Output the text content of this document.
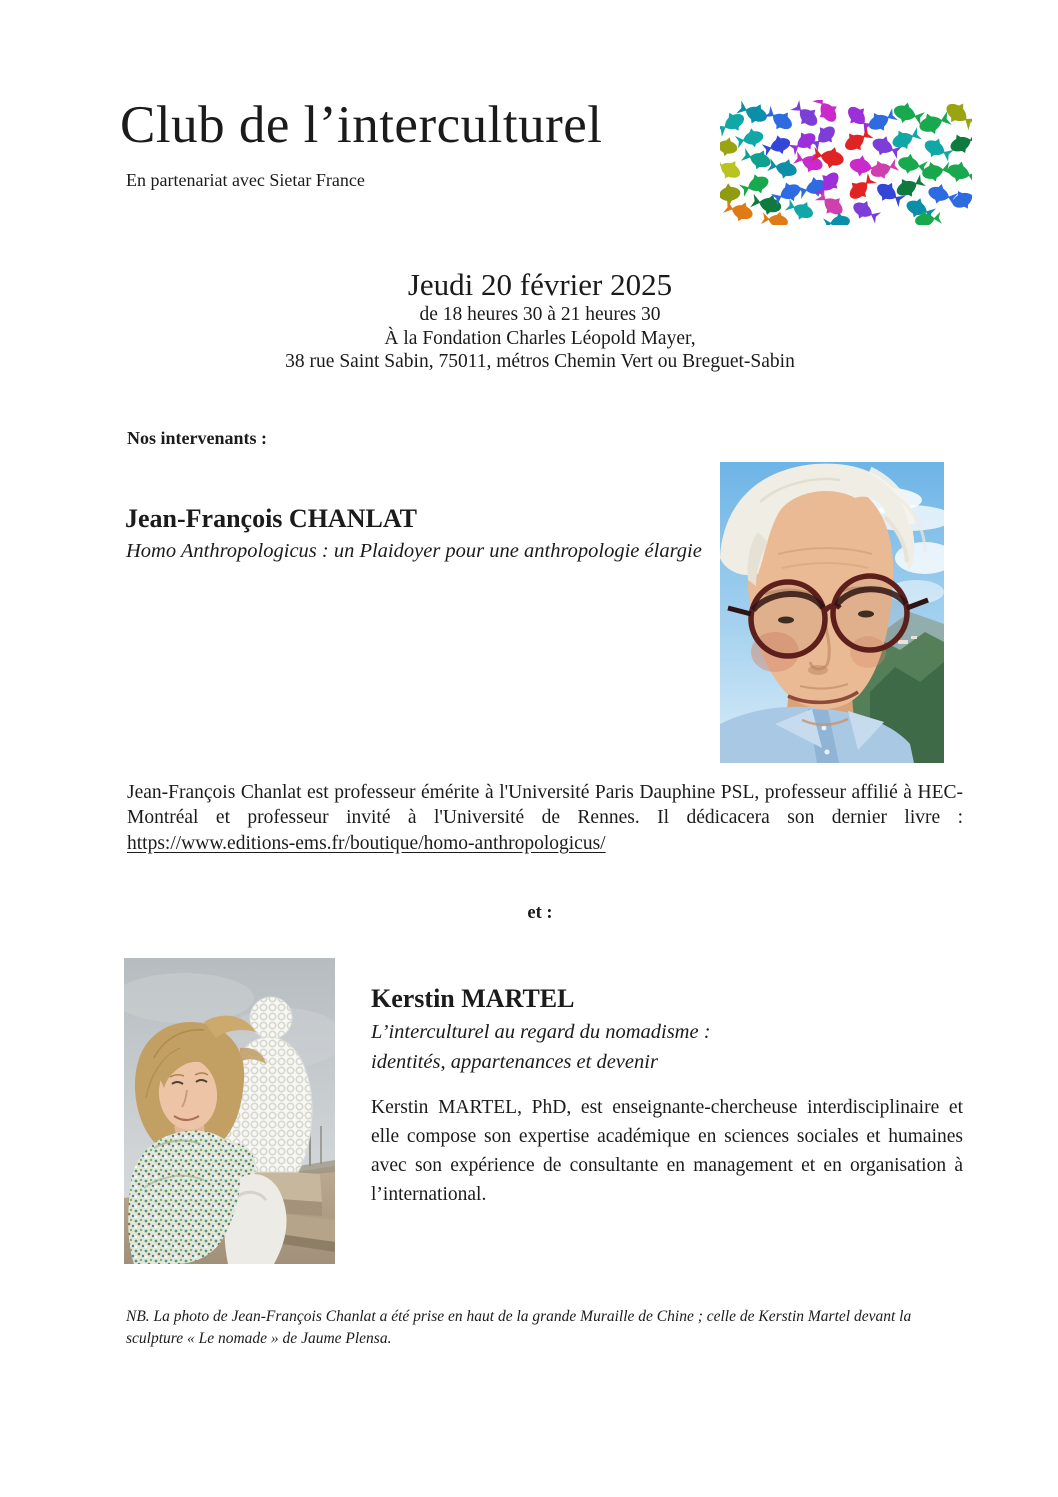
Club de l’interculturel
En partenariat avec Sietar France
Jeudi 20 février 2025
de 18 heures 30 à 21 heures 30
À la Fondation Charles Léopold Mayer,
38 rue Saint Sabin, 75011, métros Chemin Vert ou Breguet-Sabin
Nos intervenants :
Jean-François CHANLAT
Homo Anthropologicus : un Plaidoyer pour une anthropologie élargie

Jean-François Chanlat est professeur émérite à l'Université Paris Dauphine PSL, professeur affilié à HEC-Montréal et professeur invité à l'Université de Rennes. Il dédicacera son dernier livre : https://www.editions-ems.fr/boutique/homo-anthropologicus/

et :
Kerstin MARTEL
L’interculturel au regard du nomadisme :
identités, appartenances et devenir

Kerstin MARTEL, PhD, est enseignante-chercheuse interdisciplinaire et elle compose son expertise académique en sciences sociales et humaines avec son expérience de consultante en management et en organisation à l’international.

NB. La photo de Jean-François Chanlat a été prise en haut de la grande Muraille de Chine ; celle de Kerstin Martel devant la sculpture « Le nomade » de Jaume Plensa.
